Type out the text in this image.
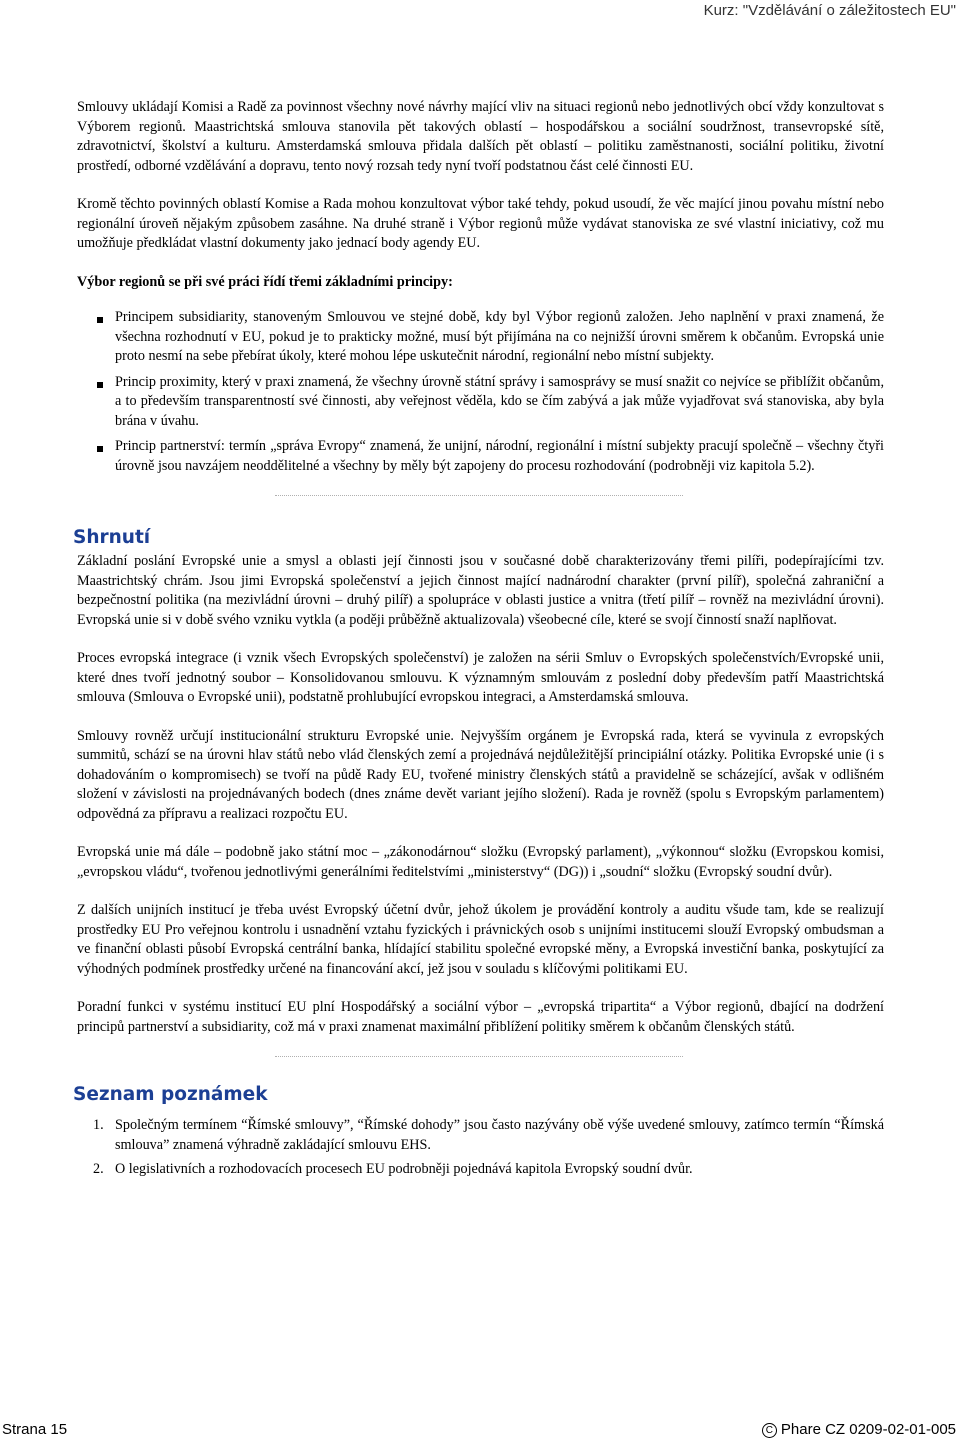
Kurz: "Vzdělávání o záležitostech EU"

Smlouvy ukládají Komisi a Radě za povinnost všechny nové návrhy mající vliv na situaci regionů nebo jednotlivých obcí vždy konzultovat s Výborem regionů. Maastrichtská smlouva stanovila pět takových oblastí – hospodářskou a sociální soudržnost, transevropské sítě, zdravotnictví, školství a kulturu. Amsterdamská smlouva přidala dalších pět oblastí – politiku zaměstnanosti, sociální politiku, životní prostředí, odborné vzdělávání a dopravu, tento nový rozsah tedy nyní tvoří podstatnou část celé činnosti EU.

Kromě těchto povinných oblastí Komise a Rada mohou konzultovat výbor také tehdy, pokud usoudí, že věc mající jinou povahu místní nebo regionální úroveň nějakým způsobem zasáhne. Na druhé straně i Výbor regionů může vydávat stanoviska ze své vlastní iniciativy, což mu umožňuje předkládat vlastní dokumenty jako jednací body agendy EU.

Výbor regionů se při své práci řídí třemi základními principy:

Principem subsidiarity, stanoveným Smlouvou ve stejné době, kdy byl Výbor regionů založen. Jeho naplnění v praxi znamená, že všechna rozhodnutí v EU, pokud je to prakticky možné, musí být přijímána na co nejnižší úrovni směrem k občanům. Evropská unie proto nesmí na sebe přebírat úkoly, které mohou lépe uskutečnit národní, regionální nebo místní subjekty.
Princip proximity, který v praxi znamená, že všechny úrovně státní správy i samosprávy se musí snažit co nejvíce se přiblížit občanům, a to především transparentností své činnosti, aby veřejnost věděla, kdo se čím zabývá a jak může vyjadřovat svá stanoviska, aby byla brána v úvahu.
Princip partnerství: termín „správa Evropy“ znamená, že unijní, národní, regionální i místní subjekty pracují společně – všechny čtyři úrovně jsou navzájem neoddělitelné a všechny by měly být zapojeny do procesu rozhodování (podrobněji viz kapitola 5.2).
Shrnutí

Základní poslání Evropské unie a smysl a oblasti její činnosti jsou v současné době charakterizovány třemi pilíři, podepírajícími tzv. Maastrichtský chrám. Jsou jimi Evropská společenství a jejich činnost mající nadnárodní charakter (první pilíř), společná zahraniční a bezpečnostní politika (na mezivládní úrovni – druhý pilíř) a spolupráce v oblasti justice a vnitra (třetí pilíř – rovněž na mezivládní úrovni). Evropská unie si v době svého vzniku vytkla (a poději průběžně aktualizovala) všeobecné cíle, které se svojí činností snaží naplňovat.

Proces evropská integrace (i vznik všech Evropských společenství) je založen na sérii Smluv o Evropských společenstvích/Evropské unii, které dnes tvoří jednotný soubor – Konsolidovanou smlouvu. K významným smlouvám z poslední doby především patří Maastrichtská smlouva (Smlouva o Evropské unii), podstatně prohlubující evropskou integraci, a Amsterdamská smlouva.

Smlouvy rovněž určují institucionální strukturu Evropské unie. Nejvyšším orgánem je Evropská rada, která se vyvinula z evropských summitů, schází se na úrovni hlav států nebo vlád členských zemí a projednává nejdůležitější principiální otázky. Politika Evropské unie (i s dohadováním o kompromisech) se tvoří na půdě Rady EU, tvořené ministry členských států a pravidelně se scházející, avšak v odlišném složení v závislosti na projednávaných bodech (dnes známe devět variant jejího složení). Rada je rovněž (spolu s Evropským parlamentem) odpovědná za přípravu a realizaci rozpočtu EU.

Evropská unie má dále – podobně jako státní moc – „zákonodárnou“ složku (Evropský parlament), „výkonnou“ složku (Evropskou komisi, „evropskou vládu“, tvořenou jednotlivými generálními ředitelstvími „ministerstvy“ (DG)) i „soudní“ složku (Evropský soudní dvůr).

Z dalších unijních institucí je třeba uvést Evropský účetní dvůr, jehož úkolem je provádění kontroly a auditu všude tam, kde se realizují prostředky EU Pro veřejnou kontrolu i usnadnění vztahu fyzických i právnických osob s unijními institucemi slouží Evropský ombudsman a ve finanční oblasti působí Evropská centrální banka, hlídající stabilitu společné evropské měny, a Evropská investiční banka, poskytující za výhodných podmínek prostředky určené na financování akcí, jež jsou v souladu s klíčovými politikami EU.

Poradní funkci v systému institucí EU plní Hospodářský a sociální výbor – „evropská tripartita“ a Výbor regionů, dbající na dodržení principů partnerství a subsidiarity, což má v praxi znamenat maximální přiblížení politiky směrem k občanům členských států.

Seznam poznámek
1. Společným termínem “Římské smlouvy”, “Římské dohody” jsou často nazývány obě výše uvedené smlouvy, zatímco termín “Římská smlouva” znamená výhradně zakládající smlouvu EHS.
2. O legislativních a rozhodovacích procesech EU podrobněji pojednává kapitola Evropský soudní dvůr.
Strana 15	C Phare CZ 0209-02-01-005
